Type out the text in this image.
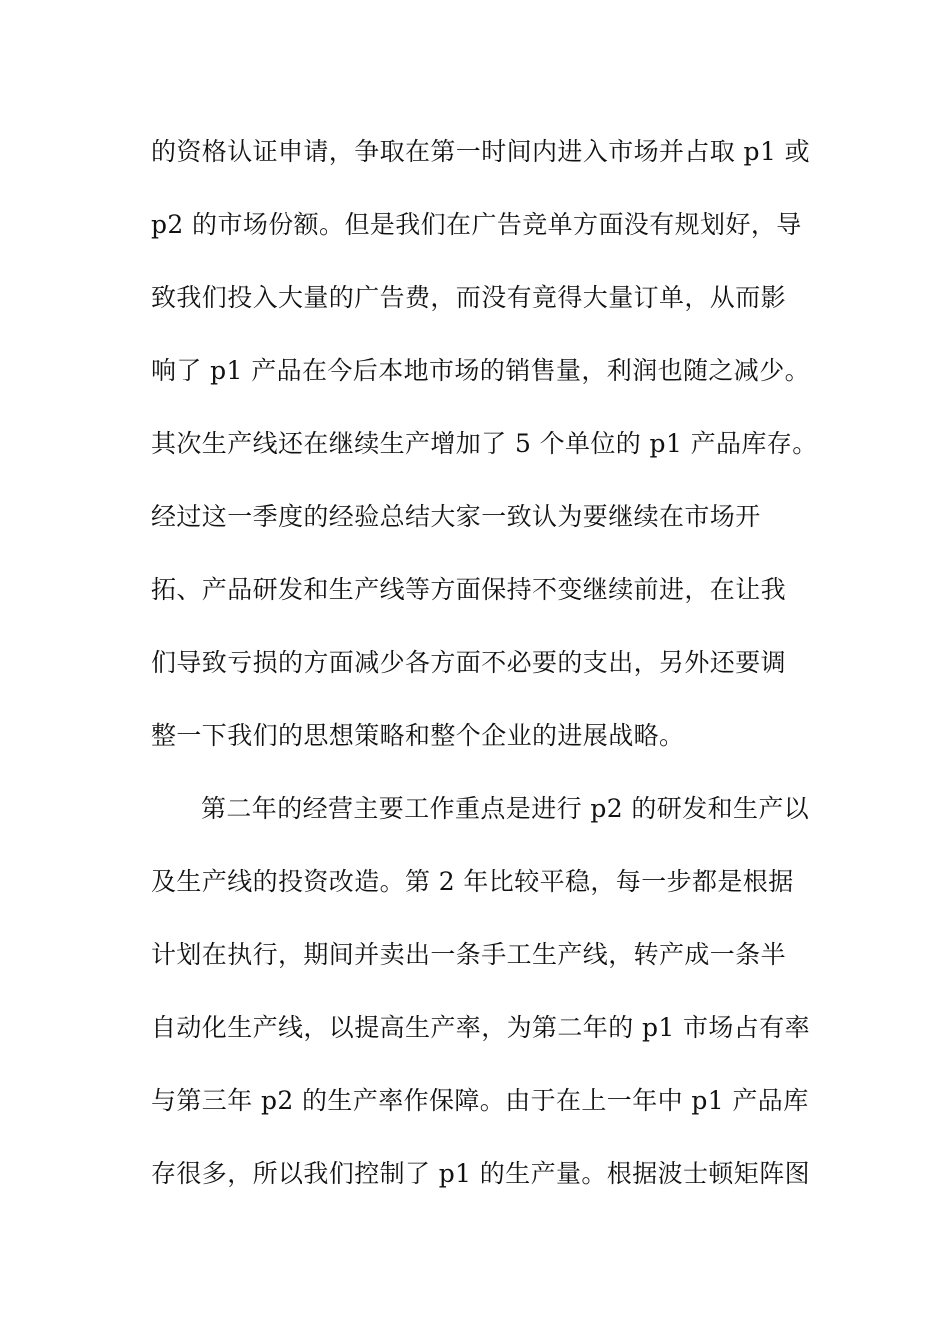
的资格认证申请，争取在第一时间内进入市场并占取 p1 或
p2 的市场份额。但是我们在广告竞单方面没有规划好，导
致我们投入大量的广告费，而没有竟得大量订单，从而影
响了 p1 产品在今后本地市场的销售量，利润也随之减少。
其次生产线还在继续生产增加了 5 个单位的 p1 产品库存。
经过这一季度的经验总结大家一致认为要继续在市场开
拓、产品研发和生产线等方面保持不变继续前进，在让我
们导致亏损的方面减少各方面不必要的支出，另外还要调
整一下我们的思想策略和整个企业的进展战略。
第二年的经营主要工作重点是进行 p2 的研发和生产以
及生产线的投资改造。第 2 年比较平稳，每一步都是根据
计划在执行，期间并卖出一条手工生产线，转产成一条半
自动化生产线，以提高生产率，为第二年的 p1 市场占有率
与第三年 p2 的生产率作保障。由于在上一年中 p1 产品库
存很多，所以我们控制了 p1 的生产量。根据波士顿矩阵图
